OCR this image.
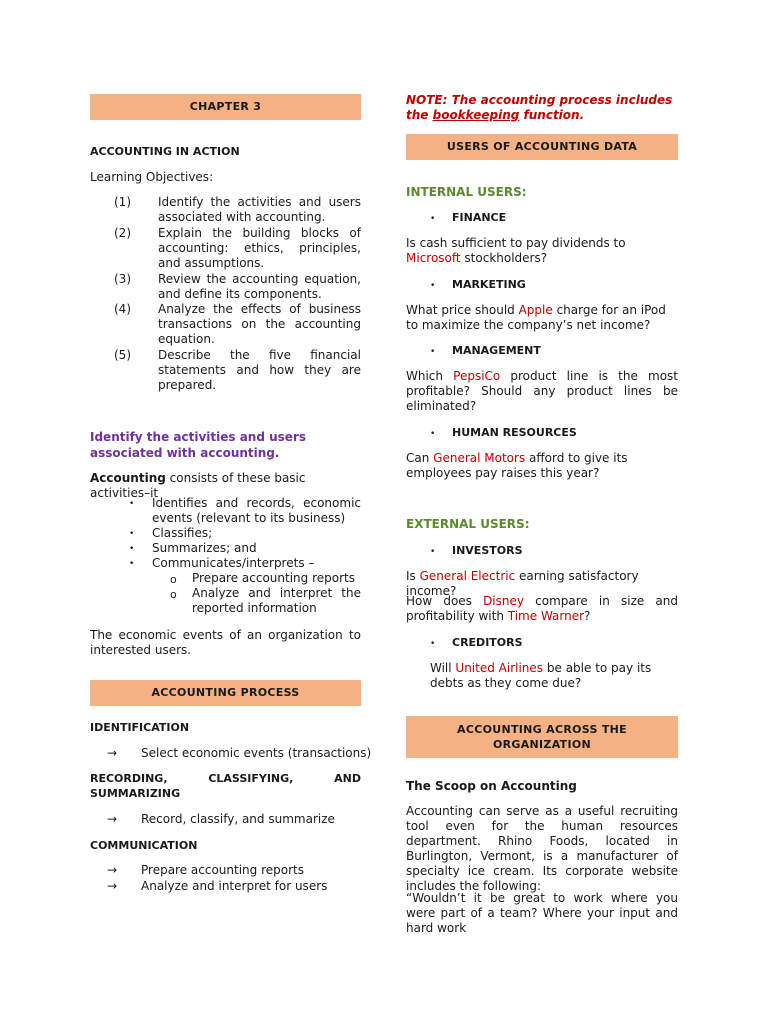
CHAPTER 3
ACCOUNTING IN ACTION
Learning Objectives:
(1) Identify the activities and users associated with accounting.
(2) Explain the building blocks of accounting: ethics, principles, and assumptions.
(3) Review the accounting equation, and define its components.
(4) Analyze the effects of business transactions on the accounting equation.
(5) Describe the five financial statements and how they are prepared.
Identify the activities and users associated with accounting.
Accounting consists of these basic activities–it
• Identifies and records, economic events (relevant to its business)
• Classifies;
• Summarizes; and
• Communicates/interprets –
o Prepare accounting reports
o Analyze and interpret the reported information
The economic events of an organization to interested users.
ACCOUNTING PROCESS
IDENTIFICATION
→ Select economic events (transactions)
RECORDING, CLASSIFYING, AND SUMMARIZING
→ Record, classify, and summarize
COMMUNICATION
→ Prepare accounting reports
→ Analyze and interpret for users
NOTE: The accounting process includes the bookkeeping function.
USERS OF ACCOUNTING DATA
INTERNAL USERS:
• FINANCE
Is cash sufficient to pay dividends to Microsoft stockholders?
• MARKETING
What price should Apple charge for an iPod to maximize the company’s net income?
• MANAGEMENT
Which PepsiCo product line is the most profitable? Should any product lines be eliminated?
• HUMAN RESOURCES
Can General Motors afford to give its employees pay raises this year?
EXTERNAL USERS:
• INVESTORS
Is General Electric earning satisfactory income?
How does Disney compare in size and profitability with Time Warner?
• CREDITORS
Will United Airlines be able to pay its debts as they come due?
ACCOUNTING ACROSS THE ORGANIZATION
The Scoop on Accounting
Accounting can serve as a useful recruiting tool even for the human resources department. Rhino Foods, located in Burlington, Vermont, is a manufacturer of specialty ice cream. Its corporate website includes the following:
“Wouldn’t it be great to work where you were part of a team? Where your input and hard work
